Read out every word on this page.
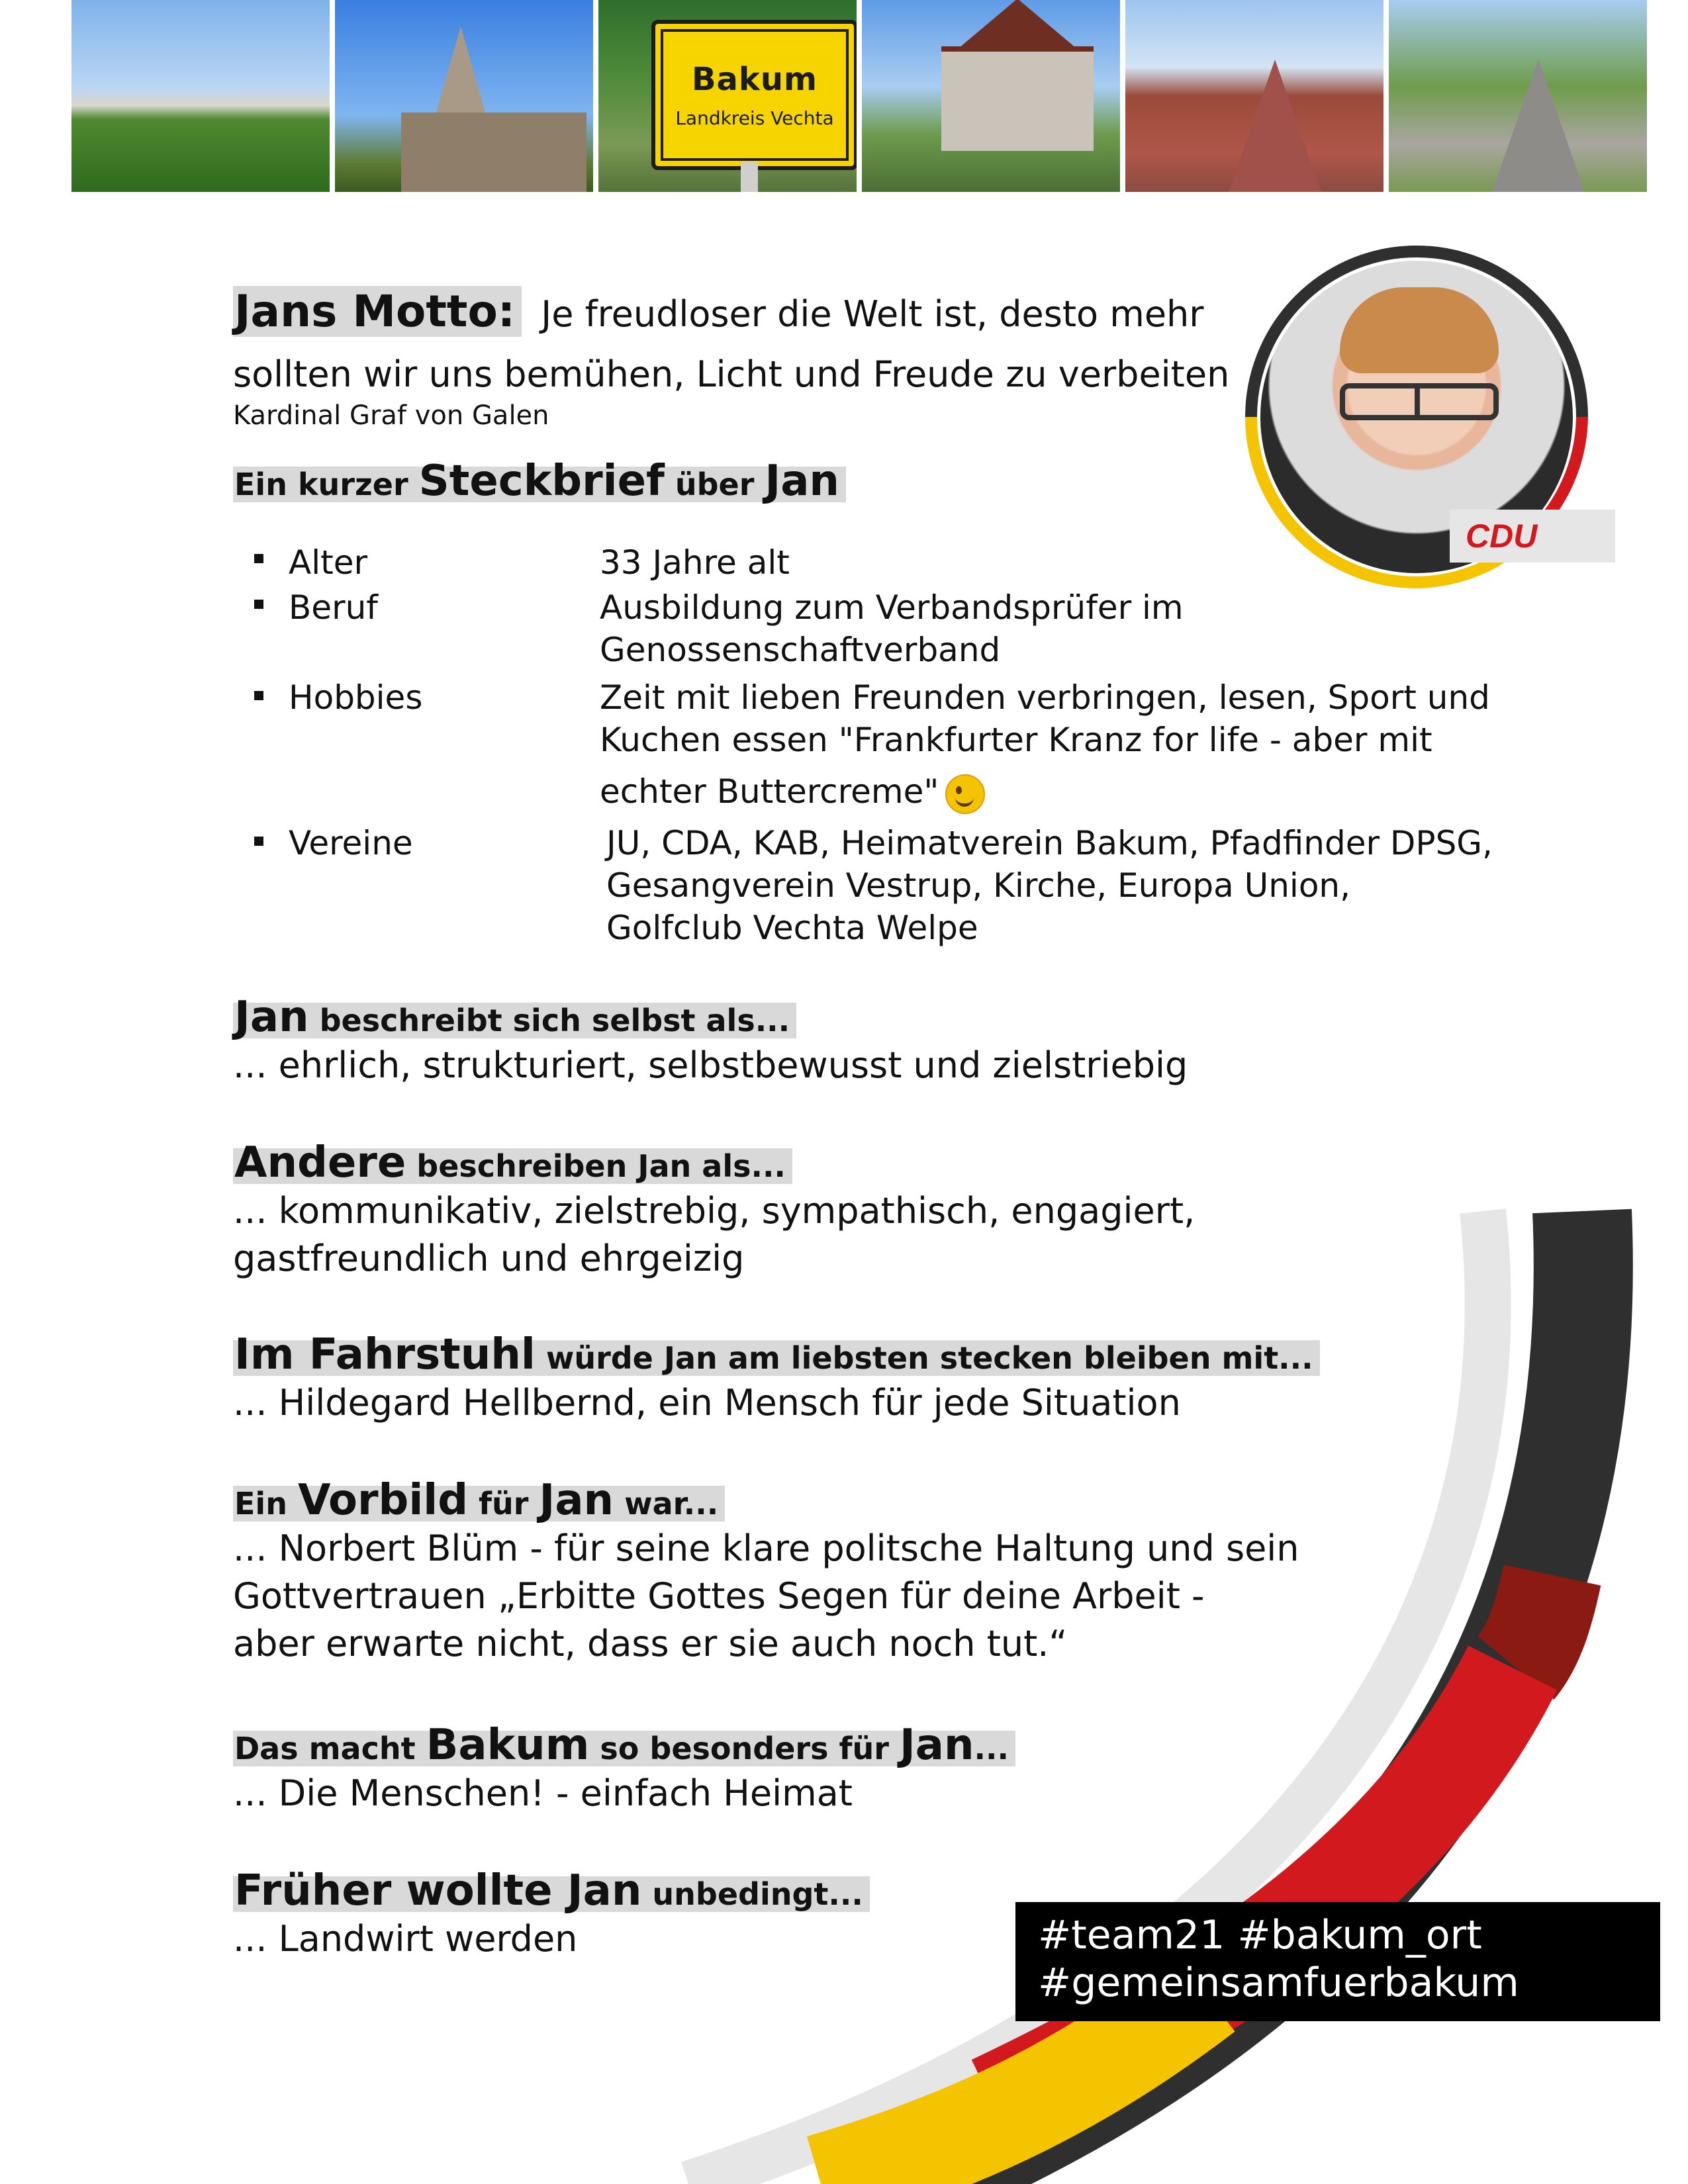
Bakum
Landkreis Vechta
CDU
Jans Motto: Je freudloser die Welt ist, desto mehr
sollten wir uns bemühen, Licht und Freude zu verbeiten
Kardinal Graf von Galen
Ein kurzer Steckbrief über Jan
Alter	33 Jahre alt
Beruf	Ausbildung zum Verbandsprüfer im
Genossenschaftverband
Hobbies	Zeit mit lieben Freunden verbringen, lesen, Sport und
Kuchen essen "Frankfurter Kranz for life - aber mit
echter Buttercreme"
Vereine	JU, CDA, KAB, Heimatverein Bakum, Pfadfinder DPSG,
Gesangverein Vestrup, Kirche, Europa Union,
Golfclub Vechta Welpe
Jan beschreibt sich selbst als...
... ehrlich, strukturiert, selbstbewusst und zielstriebig
Andere beschreiben Jan als...
... kommunikativ, zielstrebig, sympathisch, engagiert,
gastfreundlich und ehrgeizig
Im Fahrstuhl würde Jan am liebsten stecken bleiben mit...
... Hildegard Hellbernd, ein Mensch für jede Situation
Ein Vorbild für Jan war...
... Norbert Blüm - für seine klare politsche Haltung und sein
Gottvertrauen „Erbitte Gottes Segen für deine Arbeit -
aber erwarte nicht, dass er sie auch noch tut.“
Das macht Bakum so besonders für Jan...
... Die Menschen! - einfach Heimat
Früher wollte Jan unbedingt...
... Landwirt werden	#team21 #bakum_ort
#gemeinsamfuerbakum
